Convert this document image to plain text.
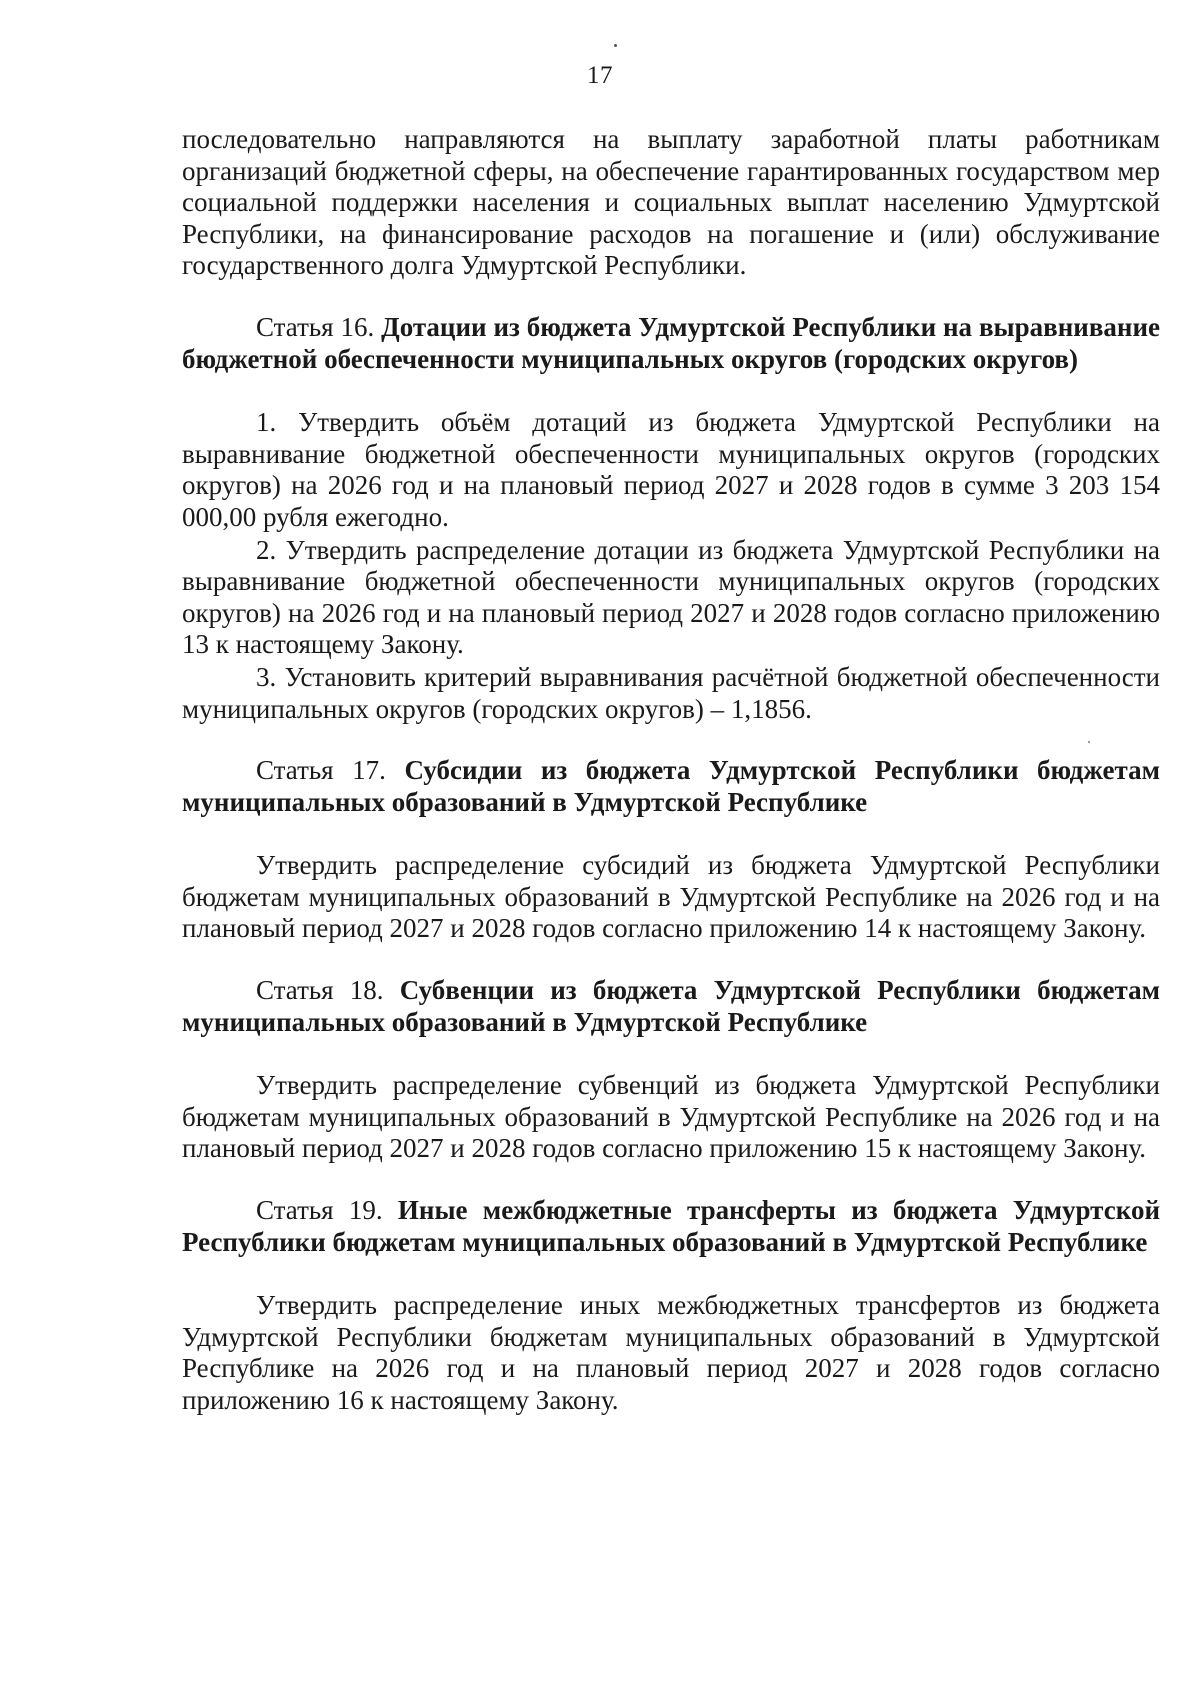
17

последовательно направляются на выплату заработной платы работникам организаций бюджетной сферы, на обеспечение гарантированных государством мер социальной поддержки населения и социальных выплат населению Удмуртской Республики, на финансирование расходов на погашение и (или) обслуживание государственного долга Удмуртской Республики.

Статья 16. Дотации из бюджета Удмуртской Республики на выравнивание бюджетной обеспеченности муниципальных округов (городских округов)

1. Утвердить объём дотаций из бюджета Удмуртской Республики на выравнивание бюджетной обеспеченности муниципальных округов (городских округов) на 2026 год и на плановый период 2027 и 2028 годов в сумме 3 203 154 000,00 рубля ежегодно.

2. Утвердить распределение дотации из бюджета Удмуртской Республики на выравнивание бюджетной обеспеченности муниципальных округов (городских округов) на 2026 год и на плановый период 2027 и 2028 годов согласно приложению 13 к настоящему Закону.

3. Установить критерий выравнивания расчётной бюджетной обеспеченности муниципальных округов (городских округов) – 1,1856.

Статья 17. Субсидии из бюджета Удмуртской Республики бюджетам муниципальных образований в Удмуртской Республике

Утвердить распределение субсидий из бюджета Удмуртской Республики бюджетам муниципальных образований в Удмуртской Республике на 2026 год и на плановый период 2027 и 2028 годов согласно приложению 14 к настоящему Закону.

Статья 18. Субвенции из бюджета Удмуртской Республики бюджетам муниципальных образований в Удмуртской Республике

Утвердить распределение субвенций из бюджета Удмуртской Республики бюджетам муниципальных образований в Удмуртской Республике на 2026 год и на плановый период 2027 и 2028 годов согласно приложению 15 к настоящему Закону.

Статья 19. Иные межбюджетные трансферты из бюджета Удмуртской Республики бюджетам муниципальных образований в Удмуртской Республике

Утвердить распределение иных межбюджетных трансфертов из бюджета Удмуртской Республики бюджетам муниципальных образований в Удмуртской Республике на 2026 год и на плановый период 2027 и 2028 годов согласно приложению 16 к настоящему Закону.
